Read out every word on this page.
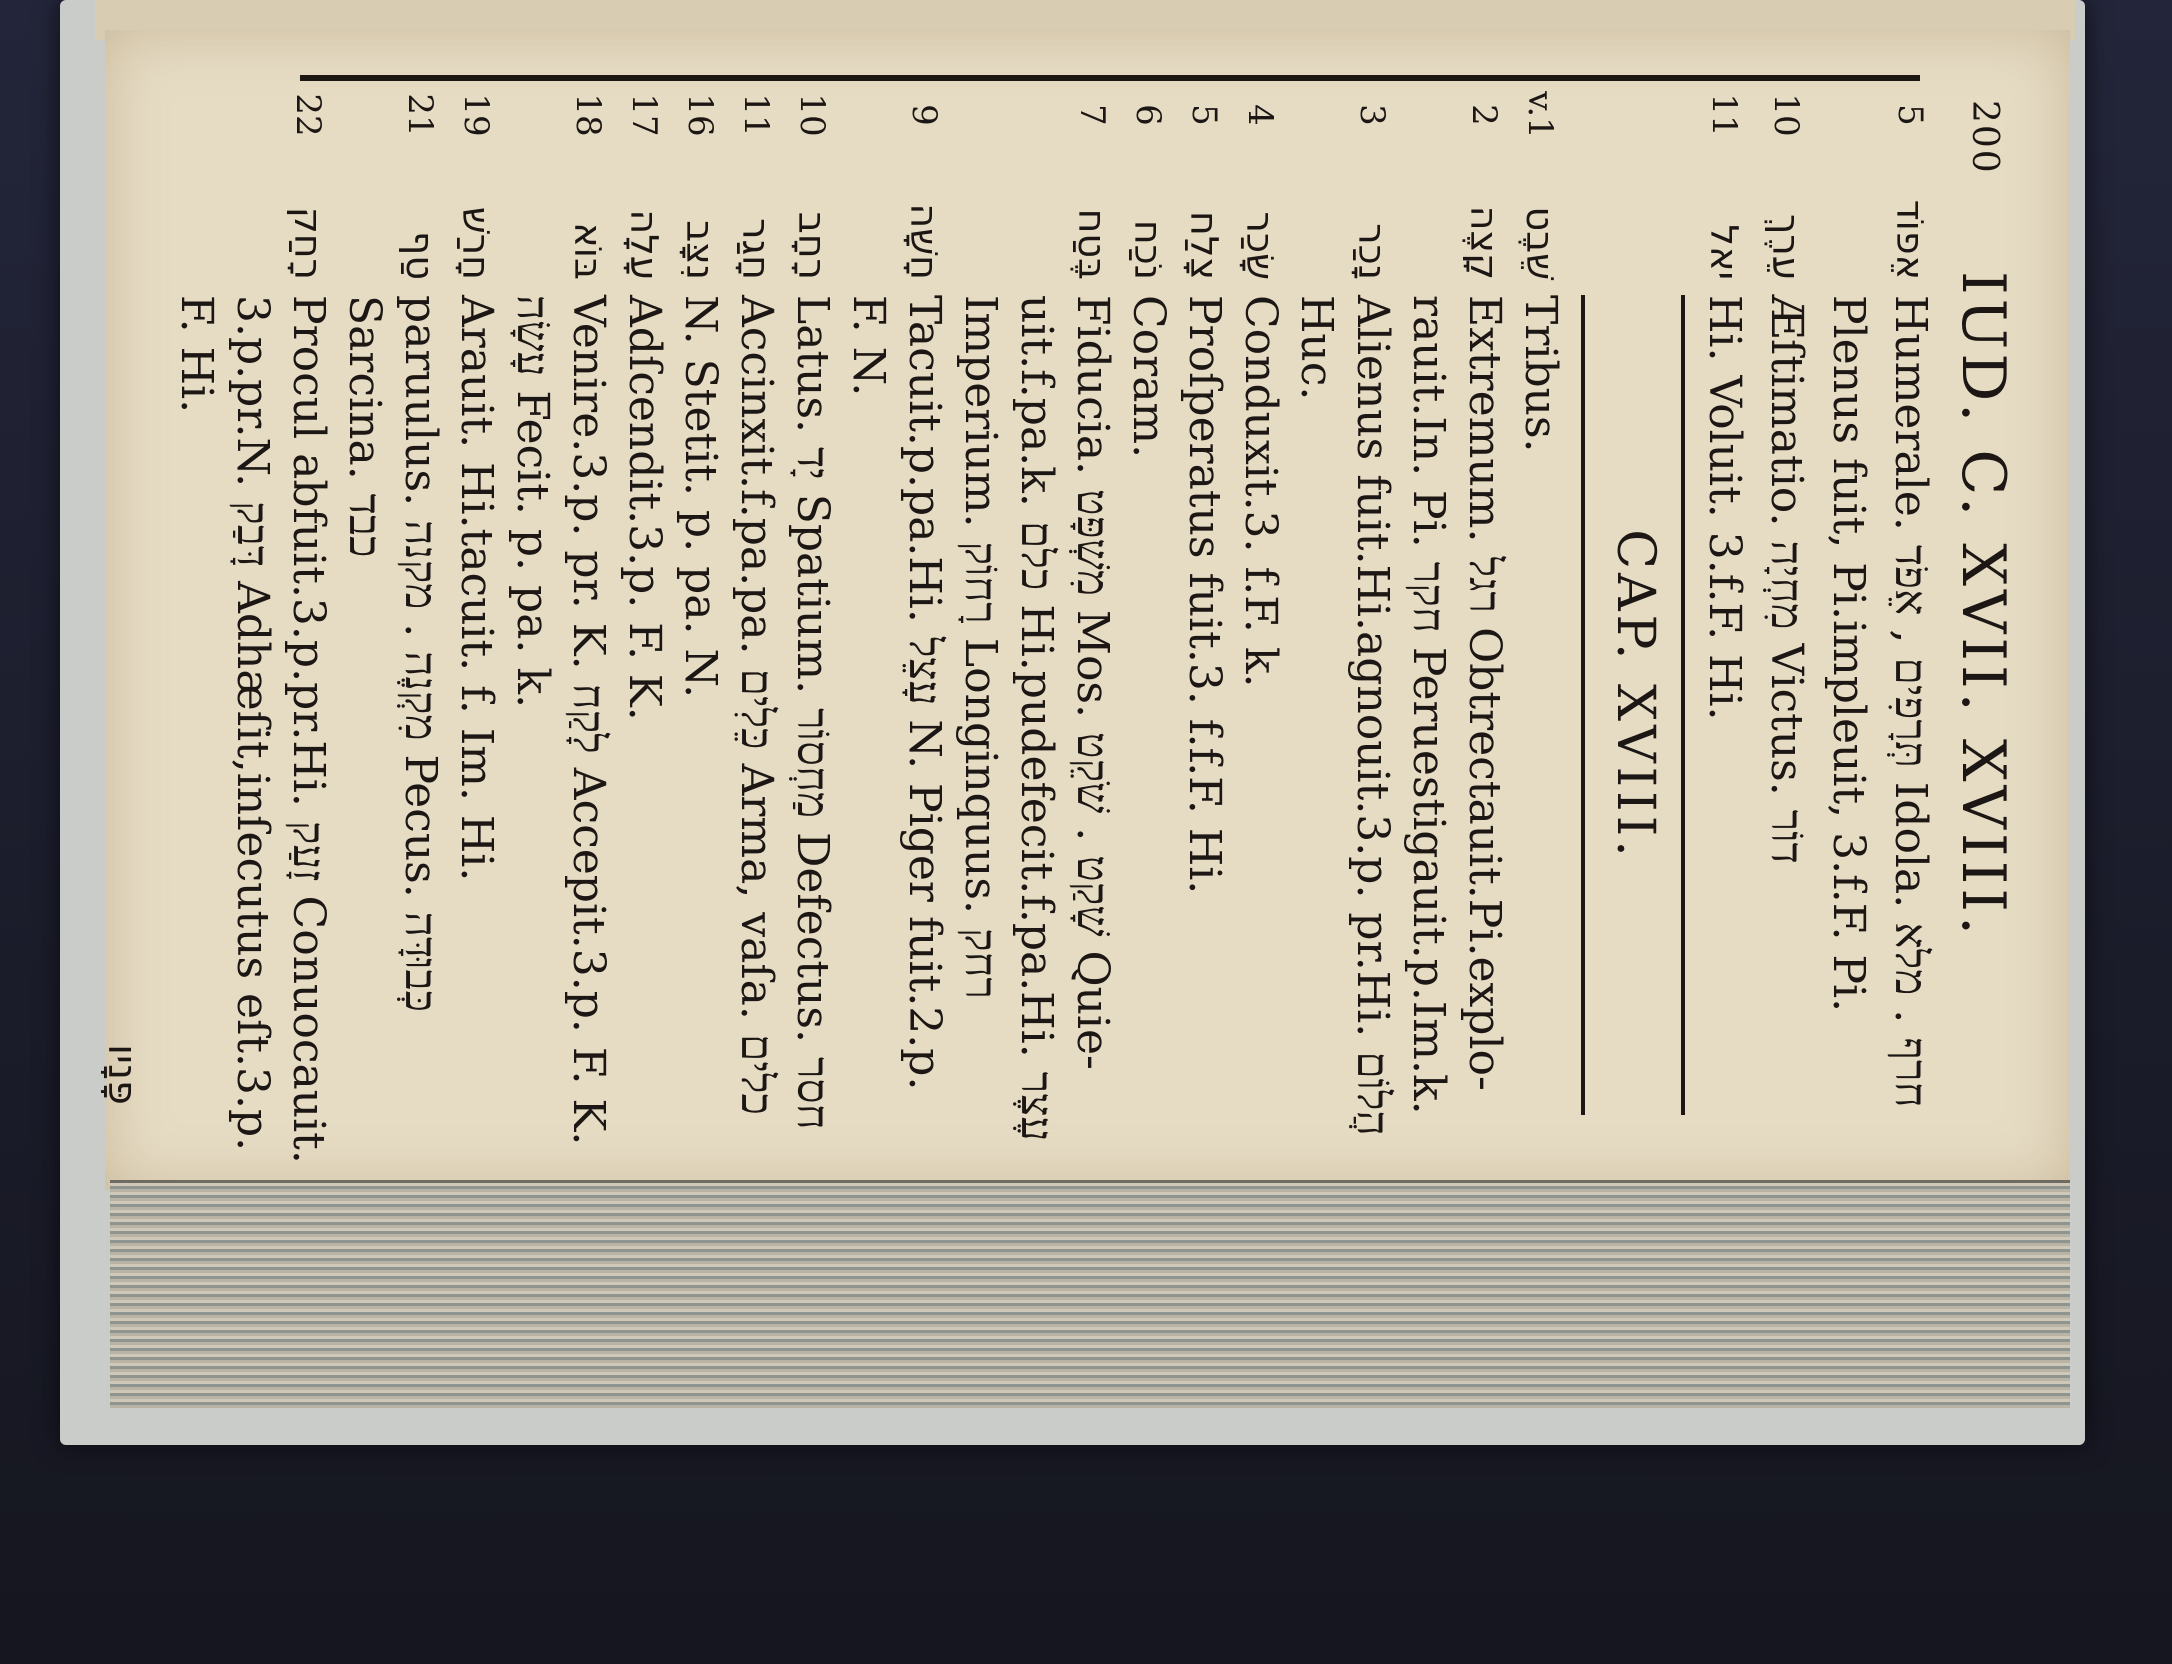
200
IUD. C. XVII. XVIII.
5
אֵפוֹד
Humerale. תְּרָפִים , אֵפֹד Idola. חרף . מלא
Plenus fuit, Pi.impleuit, 3.f.F. Pi.
10
עֵרֶךְ
Æſtimatio. מִחְיָה Victus. דוֹר
11
יאל
Hi. Voluit. 3.f.F. Hi.
CAP. XVIII.
v.1
שֵׁבֶט
Tribus.
2
קָצֶה
Extremum. רגל Obtrectauit.Pi.explo-
rauit.In. Pi. חקר Peruestigauit.p.Im.k.
3
נָכַר
Alienus fuit.Hi.agnouit.3.p. pr.Hi. הֲלוֹם
Huc.
4
שָׂכַר
Conduxit.3. f.F. k.
5
צָלַח
Proſperatus fuit.3. f.f.F. Hi.
6
נֹכַח
Coram.
7
בֶּטַח
Fiducia. מִשְׁפָּט Mos. שָׁקַט . שֹׁקֵט Quie-
uit.f.pa.k. כלם Hi.pudefecit.f.pa.Hi. עֶצֶר
Imperium. רָחוֹק Longinquus. רחק
9
חָשָׁה
Tacuit.p.pa.Hi. עָצֵל N. Piger fuit.2.p.
F. N.
10
רָחָב
Latus. יָד Spatium. מַחְסוֹר Defectus. חסר
11
חָגַר
Accinxit.f.pa.pa. כֵּלִים Arma, vaſa. כלים
16
נִצָּב
N. Stetit. p. pa. N.
17
עָלָה
Adſcendit.3.p. F. K.
18
בּוֹא
Venire.3.p. pr. K. לָקַח Accepit.3.p. F. K.
עָשָׂה Fecit. p. pa. k.
19
חָרַשׁ
Arauit. Hi.tacuit. f. Im. Hi.
21
טַף
paruulus. מִקְנֶה . מקנה Pecus. כְּבוּדָּה
Sarcina. כבד
22
רָחַק
Procul abfuit.3.p.pr.Hi. זָעַק Conuocauit.
3.p.pr.N. דָּבַק Adhæſit,inſecutus eſt.3.p.
F. Hi.
פָּנָיו
